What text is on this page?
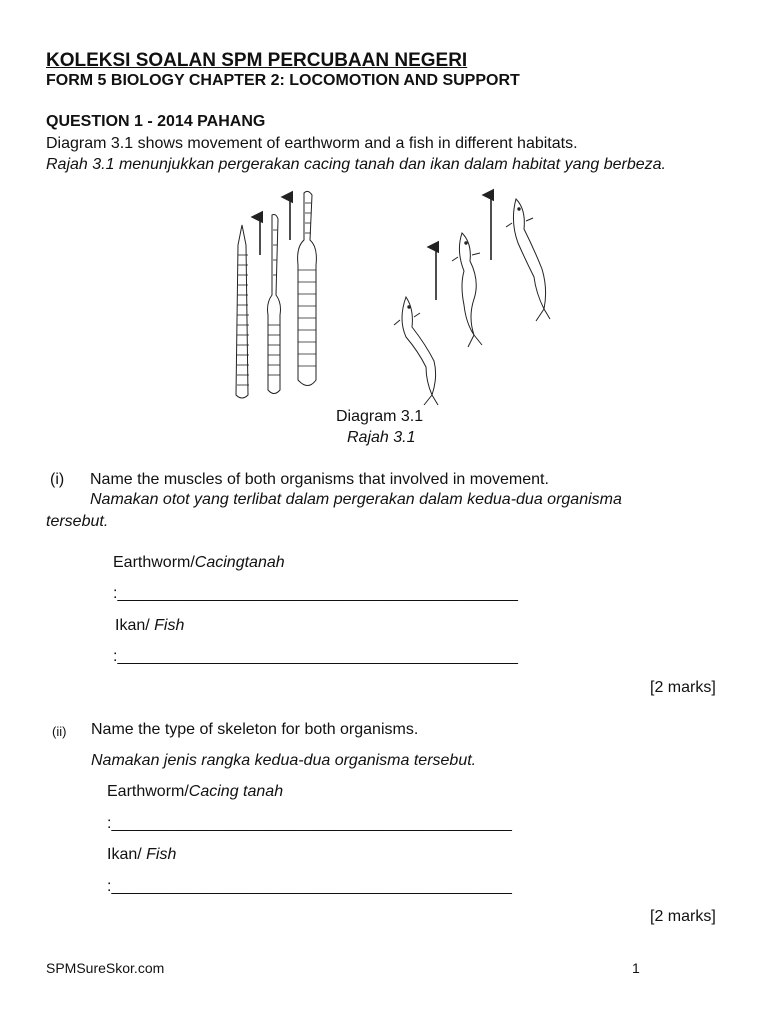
KOLEKSI SOALAN SPM PERCUBAAN NEGERI
FORM 5 BIOLOGY CHAPTER 2: LOCOMOTION AND SUPPORT
QUESTION 1 - 2014 PAHANG
Diagram 3.1 shows movement of earthworm and a fish in different habitats.
Rajah 3.1 menunjukkan pergerakan cacing tanah dan ikan dalam habitat yang berbeza.
Diagram 3.1
Rajah 3.1
(i) Name the muscles of both organisms that involved in movement.
Namakan otot yang terlibat dalam pergerakan dalam kedua-dua organisma
tersebut.
Earthworm/Cacingtanah
:_____________________________________________
Ikan/ Fish
:_____________________________________________
[2 marks]
(ii) Name the type of skeleton for both organisms.
Namakan jenis rangka kedua-dua organisma tersebut.
Earthworm/Cacing tanah
:_____________________________________________
Ikan/ Fish
:_____________________________________________
[2 marks]
SPMSureSkor.com	1
